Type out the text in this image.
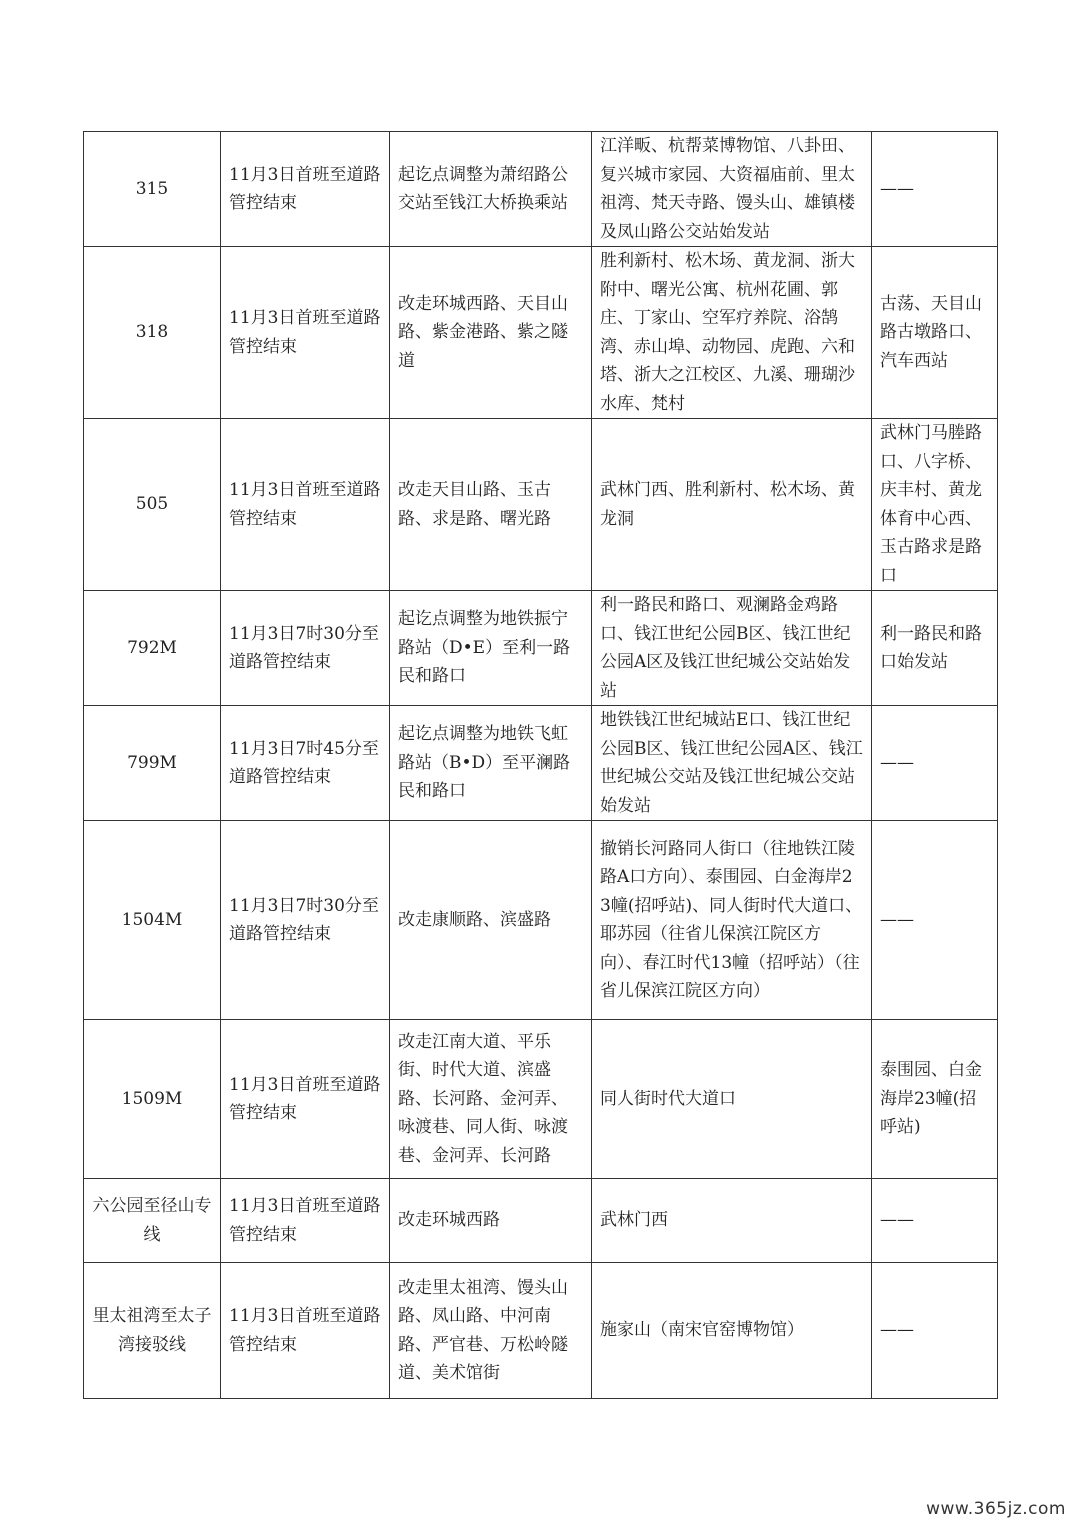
315	11月3日首班至道路管控结束	起讫点调整为萧绍路公交站至钱江大桥换乘站	江洋畈、杭帮菜博物馆、八卦田、复兴城市家园、大资福庙前、里太祖湾、梵天寺路、馒头山、雄镇楼及凤山路公交站始发站	——
318	11月3日首班至道路管控结束	改走环城西路、天目山路、紫金港路、紫之隧道	胜利新村、松木场、黄龙洞、浙大附中、曙光公寓、杭州花圃、郭庄、丁家山、空军疗养院、浴鹄湾、赤山埠、动物园、虎跑、六和塔、浙大之江校区、九溪、珊瑚沙水库、梵村	古荡、天目山路古墩路口、汽车西站
505	11月3日首班至道路管控结束	改走天目山路、玉古路、求是路、曙光路	武林门西、胜利新村、松木场、黄龙洞	武林门马塍路口、八字桥、庆丰村、黄龙体育中心西、玉古路求是路口
792M	11月3日7时30分至道路管控结束	起讫点调整为地铁振宁路站（D•E）至利一路民和路口	利一路民和路口、观澜路金鸡路口、钱江世纪公园B区、钱江世纪公园A区及钱江世纪城公交站始发站	利一路民和路口始发站
799M	11月3日7时45分至道路管控结束	起讫点调整为地铁飞虹路站（B•D）至平澜路民和路口	地铁钱江世纪城站E口、钱江世纪公园B区、钱江世纪公园A区、钱江世纪城公交站及钱江世纪城公交站始发站	——
1504M	11月3日7时30分至道路管控结束	改走康顺路、滨盛路	撤销长河路同人街口（往地铁江陵路A口方向）、泰围园、白金海岸23幢(招呼站)、同人街时代大道口、耶苏园（往省儿保滨江院区方向）、春江时代13幢（招呼站）（往省儿保滨江院区方向）	——
1509M	11月3日首班至道路管控结束	改走江南大道、平乐街、时代大道、滨盛路、长河路、金河弄、咏渡巷、同人街、咏渡巷、金河弄、长河路	同人街时代大道口	泰围园、白金海岸23幢(招呼站)
六公园至径山专线	11月3日首班至道路管控结束	改走环城西路	武林门西	——
里太祖湾至太子湾接驳线	11月3日首班至道路管控结束	改走里太祖湾、馒头山路、凤山路、中河南路、严官巷、万松岭隧道、美术馆街	施家山（南宋官窑博物馆）	——
www.365jz.com
